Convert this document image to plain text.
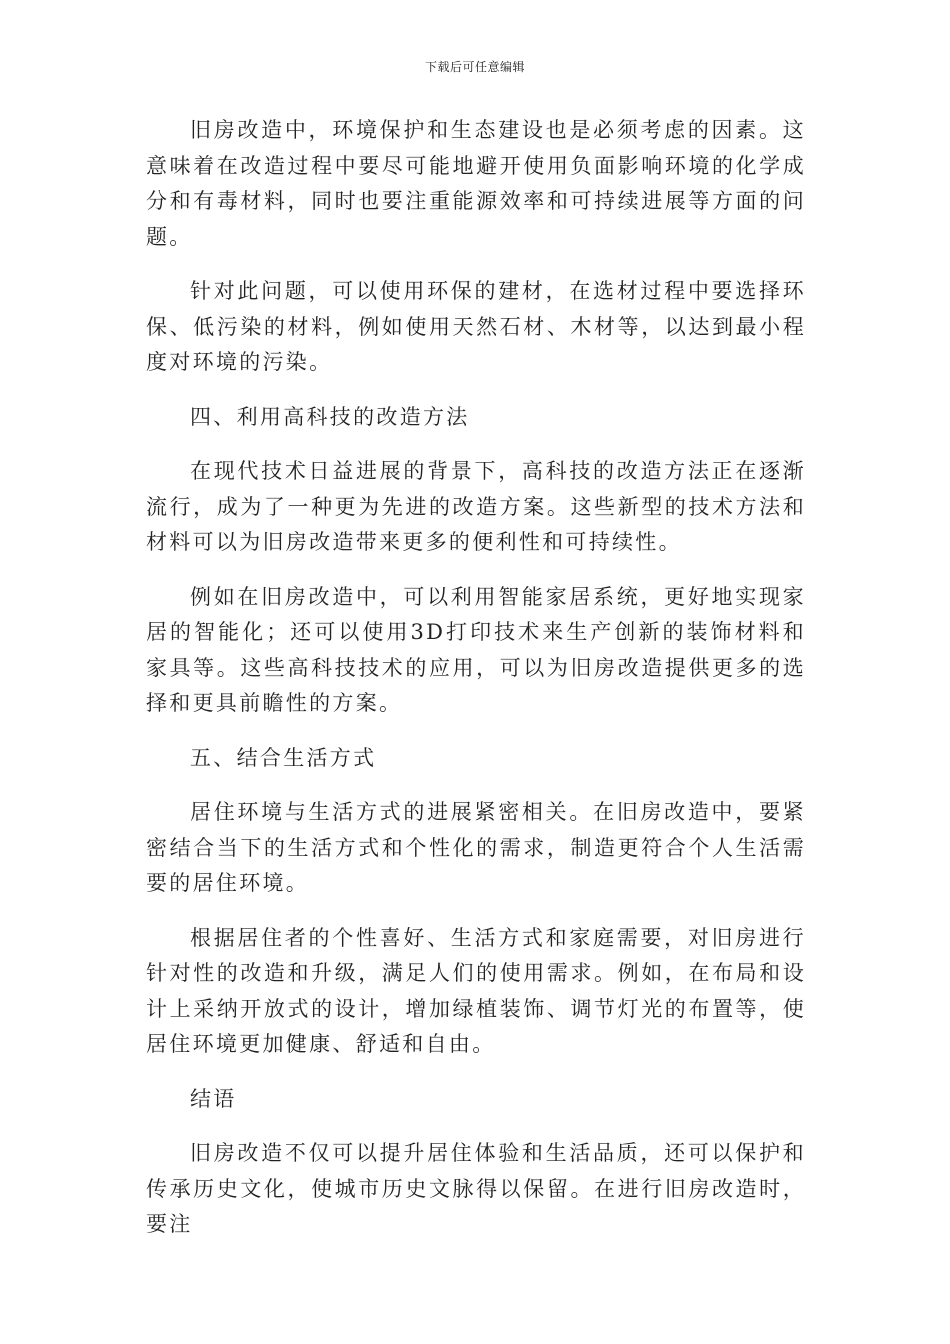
下载后可任意编辑

旧房改造中，环境保护和生态建设也是必须考虑的因素。这意味着在改造过程中要尽可能地避开使用负面影响环境的化学成分和有毒材料，同时也要注重能源效率和可持续进展等方面的问题。

针对此问题，可以使用环保的建材，在选材过程中要选择环保、低污染的材料，例如使用天然石材、木材等，以达到最小程度对环境的污染。

四、利用高科技的改造方法

在现代技术日益进展的背景下，高科技的改造方法正在逐渐流行，成为了一种更为先进的改造方案。这些新型的技术方法和材料可以为旧房改造带来更多的便利性和可持续性。

例如在旧房改造中，可以利用智能家居系统，更好地实现家居的智能化；还可以使用3D打印技术来生产创新的装饰材料和家具等。这些高科技技术的应用，可以为旧房改造提供更多的选择和更具前瞻性的方案。

五、结合生活方式

居住环境与生活方式的进展紧密相关。在旧房改造中，要紧密结合当下的生活方式和个性化的需求，制造更符合个人生活需要的居住环境。

根据居住者的个性喜好、生活方式和家庭需要，对旧房进行针对性的改造和升级，满足人们的使用需求。例如，在布局和设计上采纳开放式的设计，增加绿植装饰、调节灯光的布置等，使居住环境更加健康、舒适和自由。

结语

旧房改造不仅可以提升居住体验和生活品质，还可以保护和传承历史文化，使城市历史文脉得以保留。在进行旧房改造时，要注
